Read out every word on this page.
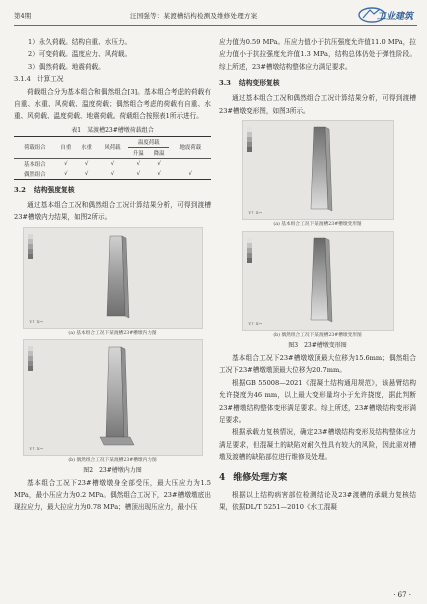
第4期	汪国强等：某渡槽结构检测及维修处理方案	工业建筑
1）永久荷载。结构自重、水压力。
2）可变荷载。温度应力、风荷载。
3）偶然荷载。地震荷载。
3.1.4 计算工况

荷载组合分为基本组合和偶然组合[3]。基本组合考虑的荷载有自重、水重、风荷载、温度荷载；偶然组合考虑的荷载有自重、水重、风荷载、温度荷载、地震荷载。荷载组合按照表1所示进行。

表1　某渡槽23#槽墩荷载组合
荷载组合	自重	水重	风荷载	温度荷载		地震荷载
				升温	降温	
基本组合	√	√	√	√	√	
偶然组合	√	√	√	√	√	√
3.2 结构强度复核

通过基本组合工况和偶然组合工况计算结果分析，可得到渡槽23#槽墩内力结果，如图2所示。

Y↑ X→
(a) 基本组合工况下某渡槽23#槽墩内力图
Y↑ X→
(b) 偶然组合工况下某渡槽23#槽墩内力图
图2　23#槽墩内力图

基本组合工况下23#槽墩墩身全部受压，最大压应力为1.5 MPa，最小压应力为0.2 MPa。偶然组合工况下，23#槽墩墩底出现拉应力，最大拉应力为0.78 MPa；槽顶出现压应力，最小压

应力值为0.59 MPa。压应力值小于抗压强度允许值11.0 MPa，拉应力值小于抗拉强度允许值1.3 MPa，结构总体仍处于弹性阶段。综上所述，23#槽墩结构整体应力满足要求。

3.3 结构变形复核

通过基本组合工况和偶然组合工况计算结果分析，可得到渡槽23#槽墩变形图，如图3所示。

Y↑ X→
(a) 基本组合工况下某渡槽23#槽墩变形图
Y↑ X→
(b) 偶然组合工况下某渡槽23#槽墩变形图
图3　23#槽墩变形图

基本组合工况下23#槽墩墩顶最大位移为15.6mm；偶然组合工况下23#槽墩墩顶最大位移为20.7mm。

根据GB 55008—2021《混凝土结构通用规范》，该悬臂结构允许挠度为46 mm，以上最大变形量均小于允许挠度，据此判断23#槽墩结构整体变形满足要求。综上所述，23#槽墩结构变形满足要求。

根据承载力复核情况，确定23#槽墩结构变形及结构整体应力满足要求，但混凝土的缺陷对耐久性具有较大的风险，因此需对槽墩及渡槽的缺陷部位进行维修及处理。

4 维修处理方案

根据以上结构病害部位检测结论及23#渡槽的承载力复核结果，依据DL/T 5251—2010《水工混凝

· 67 ·
